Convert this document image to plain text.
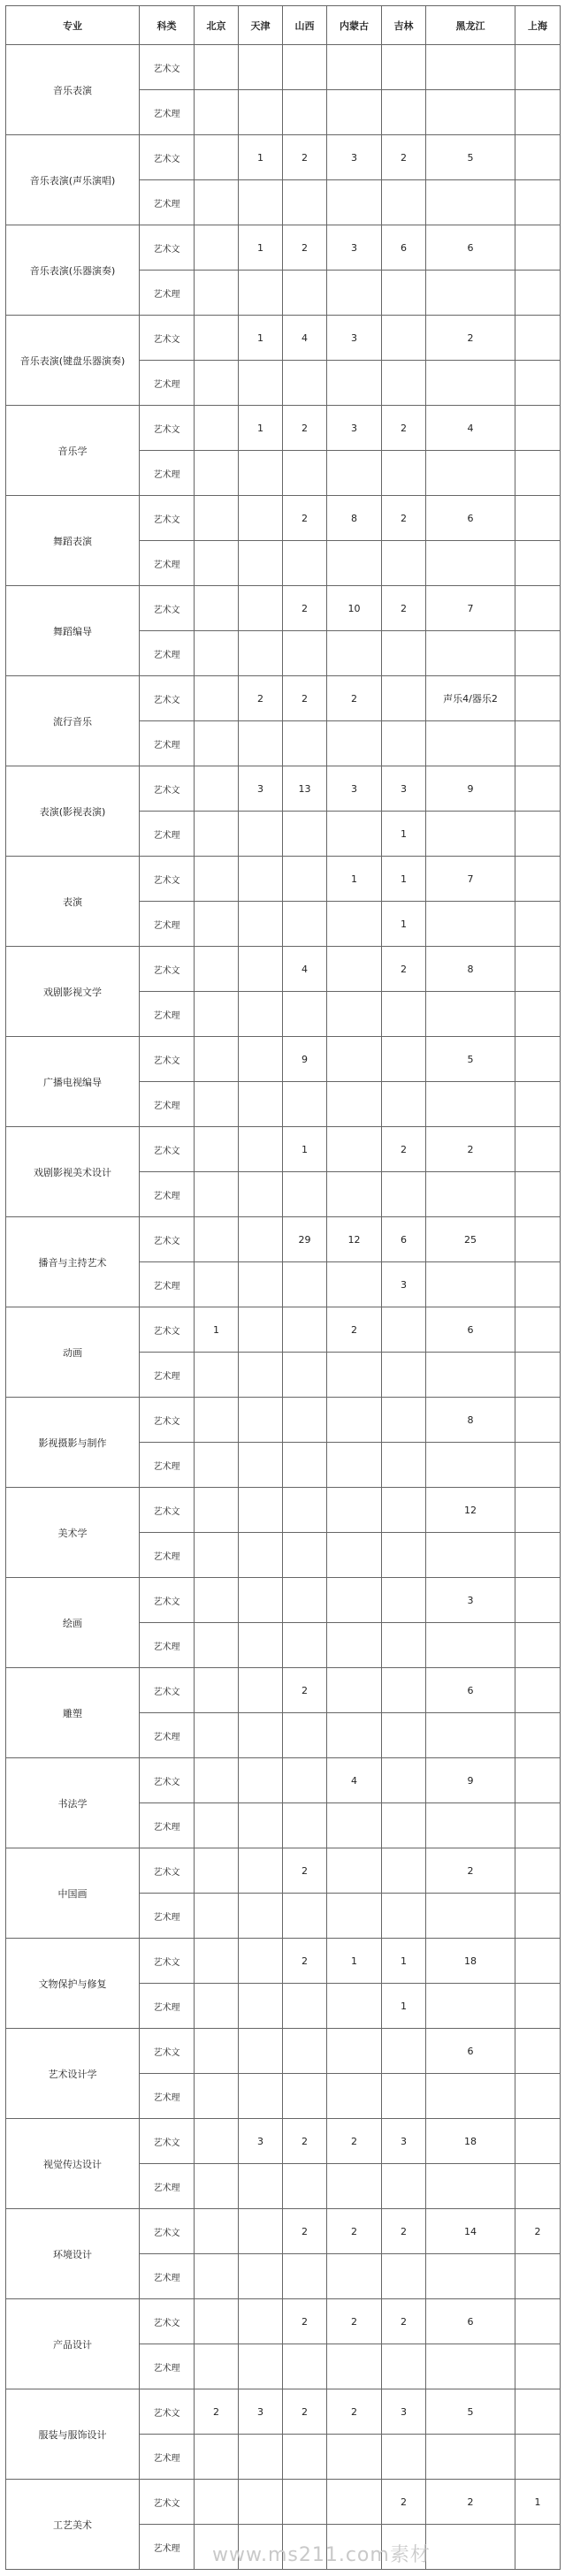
专业	科类	北京	天津	山西	内蒙古	吉林	黑龙江	上海
音乐表演	艺术文							
	艺术理							
音乐表演(声乐演唱)	艺术文		1	2	3	2	5	
	艺术理							
音乐表演(乐器演奏)	艺术文		1	2	3	6	6	
	艺术理							
音乐表演(键盘乐器演奏)	艺术文		1	4	3		2	
	艺术理							
音乐学	艺术文		1	2	3	2	4	
	艺术理							
舞蹈表演	艺术文			2	8	2	6	
	艺术理							
舞蹈编导	艺术文			2	10	2	7	
	艺术理							
流行音乐	艺术文		2	2	2		声乐4/器乐2	
	艺术理							
表演(影视表演)	艺术文		3	13	3	3	9	
	艺术理					1		
表演	艺术文				1	1	7	
	艺术理					1		
戏剧影视文学	艺术文			4		2	8	
	艺术理							
广播电视编导	艺术文			9			5	
	艺术理							
戏剧影视美术设计	艺术文			1		2	2	
	艺术理							
播音与主持艺术	艺术文			29	12	6	25	
	艺术理					3		
动画	艺术文	1			2		6	
	艺术理							
影视摄影与制作	艺术文						8	
	艺术理							
美术学	艺术文						12	
	艺术理							
绘画	艺术文						3	
	艺术理							
雕塑	艺术文			2			6	
	艺术理							
书法学	艺术文				4		9	
	艺术理							
中国画	艺术文			2			2	
	艺术理							
文物保护与修复	艺术文			2	1	1	18	
	艺术理					1		
艺术设计学	艺术文						6	
	艺术理							
视觉传达设计	艺术文		3	2	2	3	18	
	艺术理							
环境设计	艺术文			2	2	2	14	2
	艺术理							
产品设计	艺术文			2	2	2	6	
	艺术理							
服装与服饰设计	艺术文	2	3	2	2	3	5	
	艺术理							
工艺美术	艺术文					2	2	1
	艺术理							www.ms211.com素材
